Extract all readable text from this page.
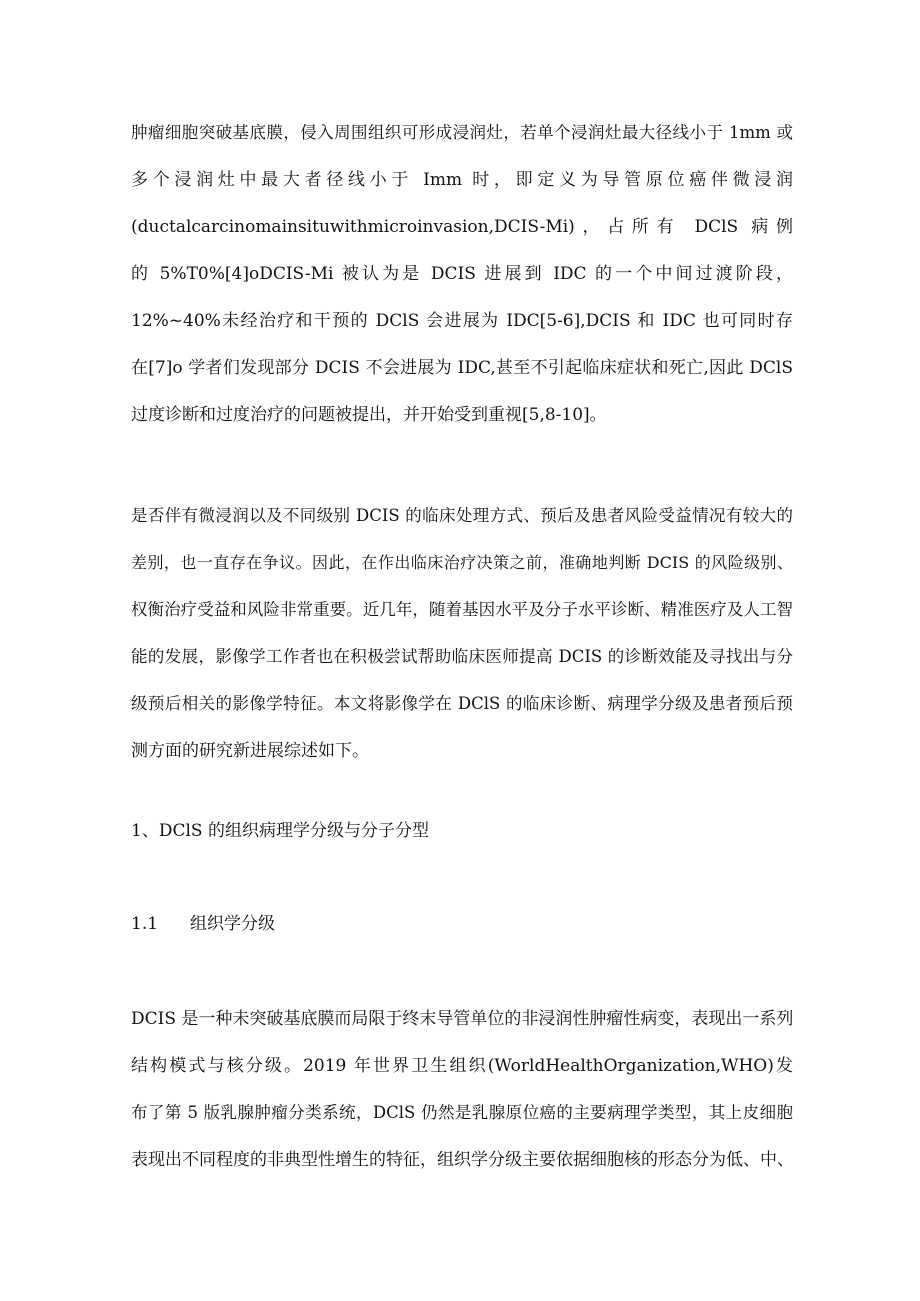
肿瘤细胞突破基底膜，侵入周围组织可形成浸润灶，若单个浸润灶最大径线小于 1mm 或

多个浸润灶中最大者径线小于 Imm 时，即定义为导管原位癌伴微浸润

(ductalcarcinomainsituwithmicroinvasion,DCIS-Mi)，占所有 DClS 病例

的 5%T0%[4]oDCIS-Mi 被认为是 DCIS 进展到 IDC 的一个中间过渡阶段，

12%~40%未经治疗和干预的 DClS 会进展为 IDC[5-6],DCIS 和 IDC 也可同时存

在[7]o 学者们发现部分 DCIS 不会进展为 IDC,甚至不引起临床症状和死亡,因此 DClS

过度诊断和过度治疗的问题被提出，并开始受到重视[5,8-10]。

是否伴有微浸润以及不同级别 DCIS 的临床处理方式、预后及患者风险受益情况有较大的

差别，也一直存在争议。因此，在作出临床治疗决策之前，准确地判断 DCIS 的风险级别、

权衡治疗受益和风险非常重要。近几年，随着基因水平及分子水平诊断、精准医疗及人工智

能的发展，影像学工作者也在积极尝试帮助临床医师提高 DCIS 的诊断效能及寻找出与分

级预后相关的影像学特征。本文将影像学在 DClS 的临床诊断、病理学分级及患者预后预

测方面的研究新进展综述如下。

1、DClS 的组织病理学分级与分子分型

1.1 组织学分级

DCIS 是一种未突破基底膜而局限于终末导管单位的非浸润性肿瘤性病变，表现出一系列

结构模式与核分级。2019 年世界卫生组织(WorldHealthOrganization,WHO)发

布了第 5 版乳腺肿瘤分类系统，DClS 仍然是乳腺原位癌的主要病理学类型，其上皮细胞

表现出不同程度的非典型性增生的特征，组织学分级主要依据细胞核的形态分为低、中、
